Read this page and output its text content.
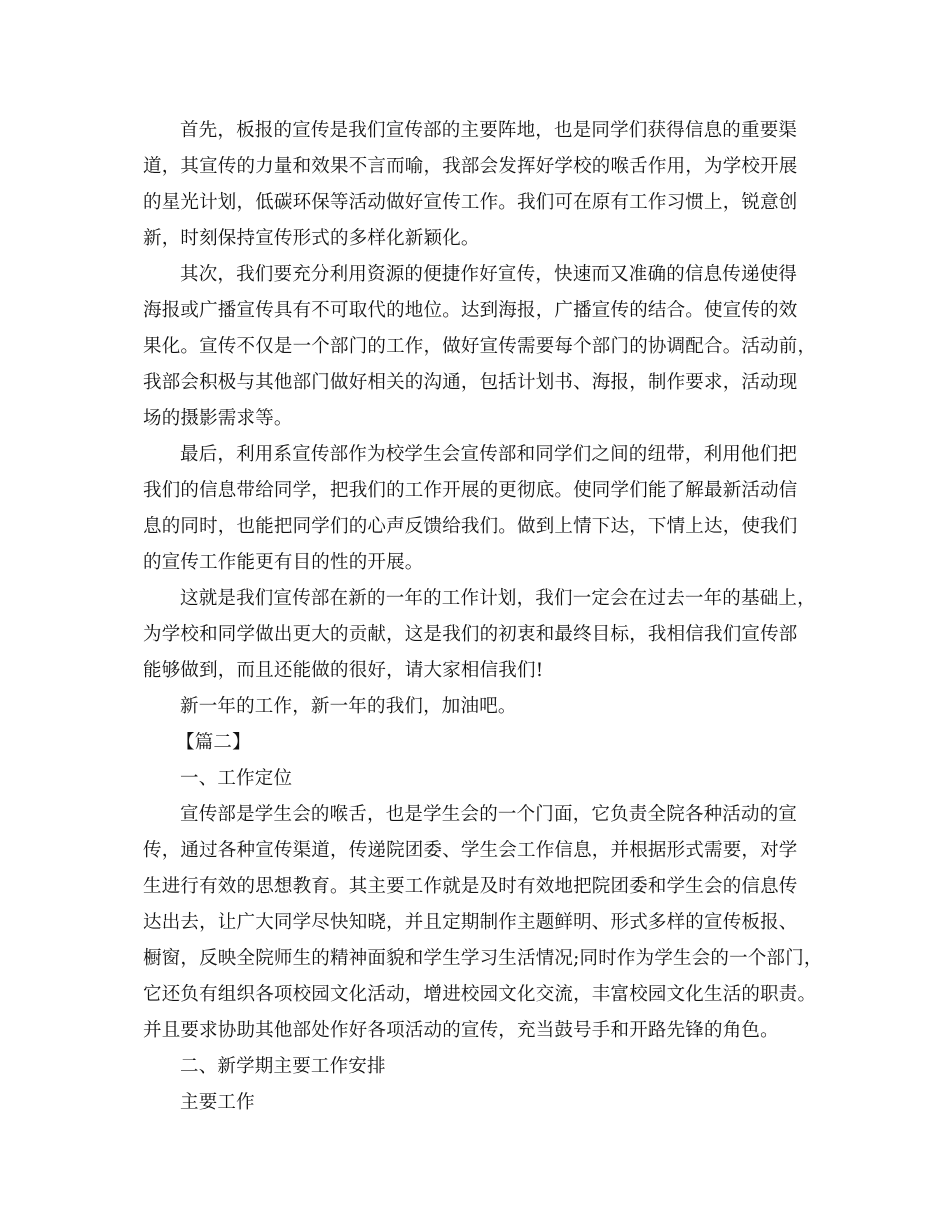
首先，板报的宣传是我们宣传部的主要阵地，也是同学们获得信息的重要渠
道，其宣传的力量和效果不言而喻，我部会发挥好学校的喉舌作用，为学校开展
的星光计划，低碳环保等活动做好宣传工作。我们可在原有工作习惯上，锐意创
新，时刻保持宣传形式的多样化新颖化。
其次，我们要充分利用资源的便捷作好宣传，快速而又准确的信息传递使得
海报或广播宣传具有不可取代的地位。达到海报，广播宣传的结合。使宣传的效
果化。宣传不仅是一个部门的工作，做好宣传需要每个部门的协调配合。活动前，
我部会积极与其他部门做好相关的沟通，包括计划书、海报，制作要求，活动现
场的摄影需求等。
最后，利用系宣传部作为校学生会宣传部和同学们之间的纽带，利用他们把
我们的信息带给同学，把我们的工作开展的更彻底。使同学们能了解最新活动信
息的同时，也能把同学们的心声反馈给我们。做到上情下达，下情上达，使我们
的宣传工作能更有目的性的开展。
这就是我们宣传部在新的一年的工作计划，我们一定会在过去一年的基础上，
为学校和同学做出更大的贡献，这是我们的初衷和最终目标，我相信我们宣传部
能够做到，而且还能做的很好，请大家相信我们!
新一年的工作，新一年的我们，加油吧。
【篇二】
一、工作定位
宣传部是学生会的喉舌，也是学生会的一个门面，它负责全院各种活动的宣
传，通过各种宣传渠道，传递院团委、学生会工作信息，并根据形式需要，对学
生进行有效的思想教育。其主要工作就是及时有效地把院团委和学生会的信息传
达出去，让广大同学尽快知晓，并且定期制作主题鲜明、形式多样的宣传板报、
橱窗，反映全院师生的精神面貌和学生学习生活情况;同时作为学生会的一个部门，
它还负有组织各项校园文化活动，增进校园文化交流，丰富校园文化生活的职责。
并且要求协助其他部处作好各项活动的宣传，充当鼓号手和开路先锋的角色。
二、新学期主要工作安排
主要工作
